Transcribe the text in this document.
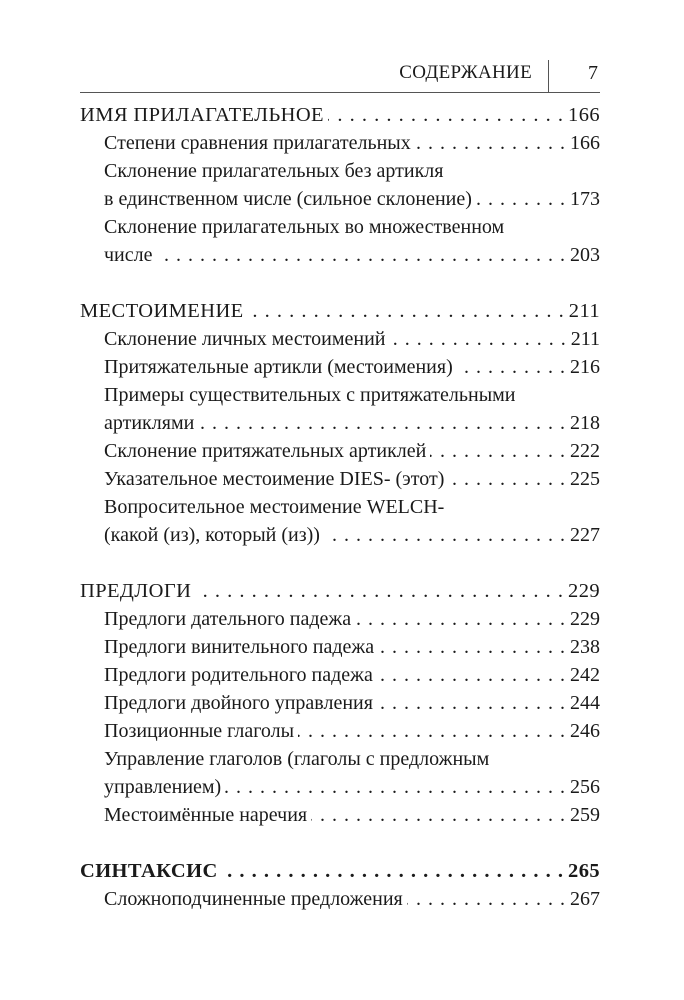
СОДЕРЖАНИЕ	7
ИМЯ ПРИЛАГАТЕЛЬНОЕ . . .	166
Степени сравнения прилагательных . . .	166
Склонение прилагательных без артикля
в единственном числе (сильное склонение) . . .	173
Склонение прилагательных во множественном
числе . . .	203
МЕСТОИМЕНИЕ . . .	211
Склонение личных местоимений . . .	211
Притяжательные артикли (местоимения) . . .	216
Примеры существительных с притяжательными
артиклями . . .	218
Склонение притяжательных артиклей . . .	222
Указательное местоимение DIES- (этот) . . .	225
Вопросительное местоимение WELCH-
(какой (из), который (из)) . . .	227
ПРЕДЛОГИ . . .	229
Предлоги дательного падежа . . .	229
Предлоги винительного падежа . . .	238
Предлоги родительного падежа . . .	242
Предлоги двойного управления . . .	244
Позиционные глаголы . . .	246
Управление глаголов (глаголы с предложным
управлением) . . .	256
Местоимённые наречия . . .	259
СИНТАКСИС . . .	265
Сложноподчиненные предложения . . .	267
